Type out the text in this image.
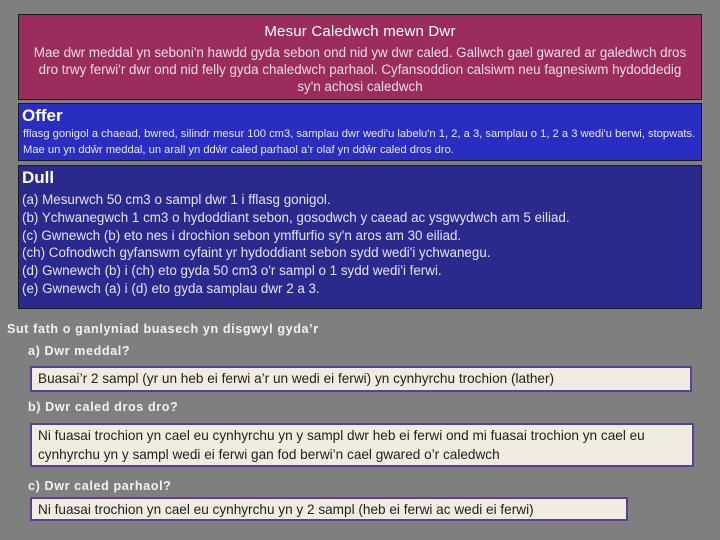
Mesur Caledwch mewn Dwr
Mae dwr meddal yn seboni'n hawdd gyda sebon ond nid yw dwr caled. Gallwch gael gwared ar galedwch dros dro trwy ferwi'r dwr ond nid felly gyda chaledwch parhaol. Cyfansoddion calsiwm neu fagnesiwm hydoddedig sy'n achosi caledwch
Offer
fflasg gonigol a chaead, bwred, silindr mesur 100 cm3, samplau dwr wedi'u labelu'n 1, 2, a 3, samplau o 1, 2 a 3 wedi'u berwi, stopwats. Mae un yn ddŵr meddal, un arall yn ddŵr caled parhaol a’r olaf yn ddŵr caled dros dro.
Dull
(a) Mesurwch 50 cm3 o sampl dwr 1 i fflasg gonigol.
(b) Ychwanegwch 1 cm3 o hydoddiant sebon, gosodwch y caead ac ysgwydwch am 5 eiliad.
(c) Gwnewch (b) eto nes i drochion sebon ymffurfio sy'n aros am 30 eiliad.
(ch) Cofnodwch gyfanswm cyfaint yr hydoddiant sebon sydd wedi'i ychwanegu.
(d) Gwnewch (b) i (ch) eto gyda 50 cm3 o'r sampl o 1 sydd wedi'i ferwi.
(e) Gwnewch (a) i (d) eto gyda samplau dwr 2 a 3.
Sut fath o ganlyniad buasech yn disgwyl gyda’r
a) Dwr meddal?
Buasai’r 2 sampl (yr un heb ei ferwi a’r un wedi ei ferwi) yn cynhyrchu trochion (lather)
b) Dwr caled dros dro?
Ni fuasai trochion yn cael eu cynhyrchu yn y sampl dwr heb ei ferwi ond mi fuasai trochion yn cael eu cynhyrchu yn y sampl wedi ei ferwi gan fod berwi’n cael gwared o’r caledwch
c) Dwr caled parhaol?
Ni fuasai trochion yn cael eu cynhyrchu yn y 2 sampl (heb ei ferwi ac wedi ei ferwi)
